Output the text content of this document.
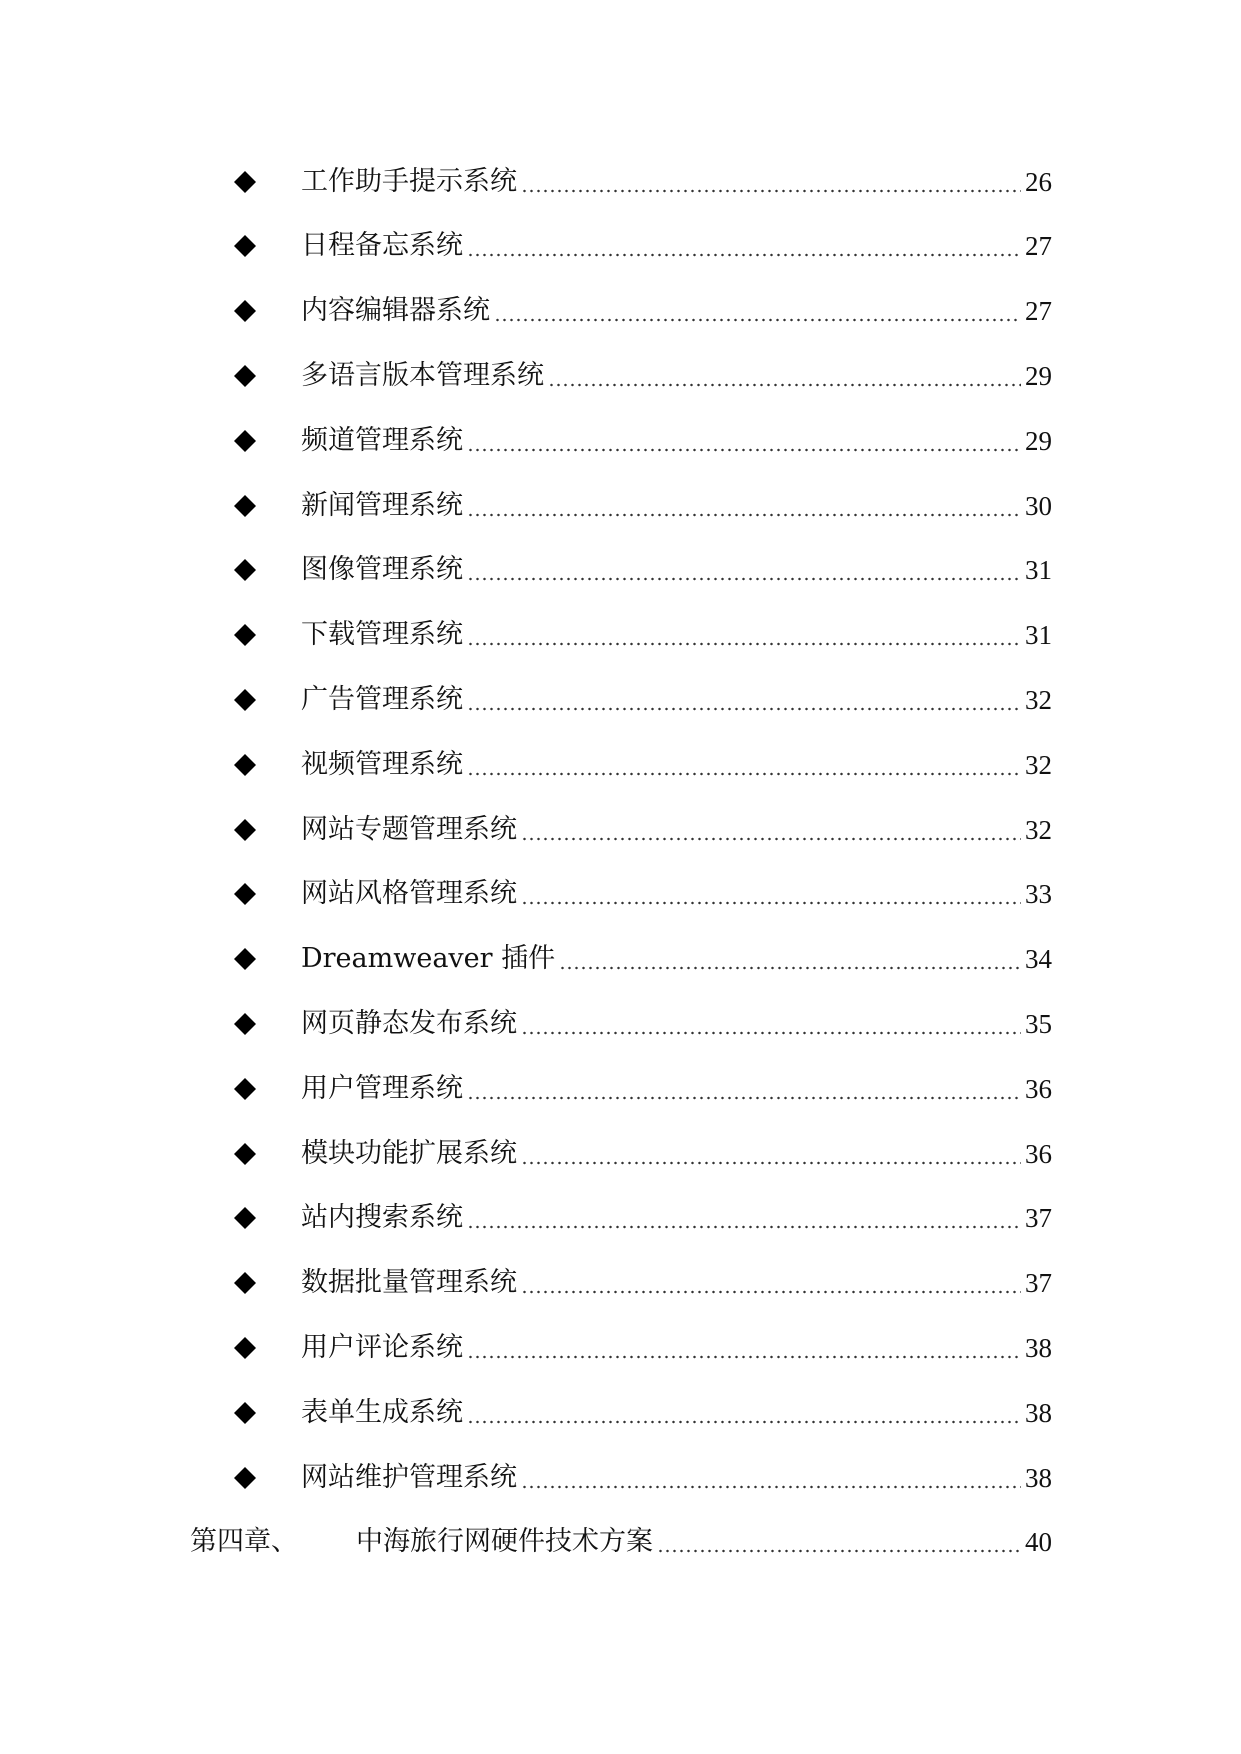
工作助手提示系统	26
日程备忘系统	27
内容编辑器系统	27
多语言版本管理系统	29
频道管理系统	29
新闻管理系统	30
图像管理系统	31
下载管理系统	31
广告管理系统	32
视频管理系统	32
网站专题管理系统	32
网站风格管理系统	33
Dreamweaver 插件	34
网页静态发布系统	35
用户管理系统	36
模块功能扩展系统	36
站内搜索系统	37
数据批量管理系统	37
用户评论系统	38
表单生成系统	38
网站维护管理系统	38
第四章、 中海旅行网硬件技术方案	40
